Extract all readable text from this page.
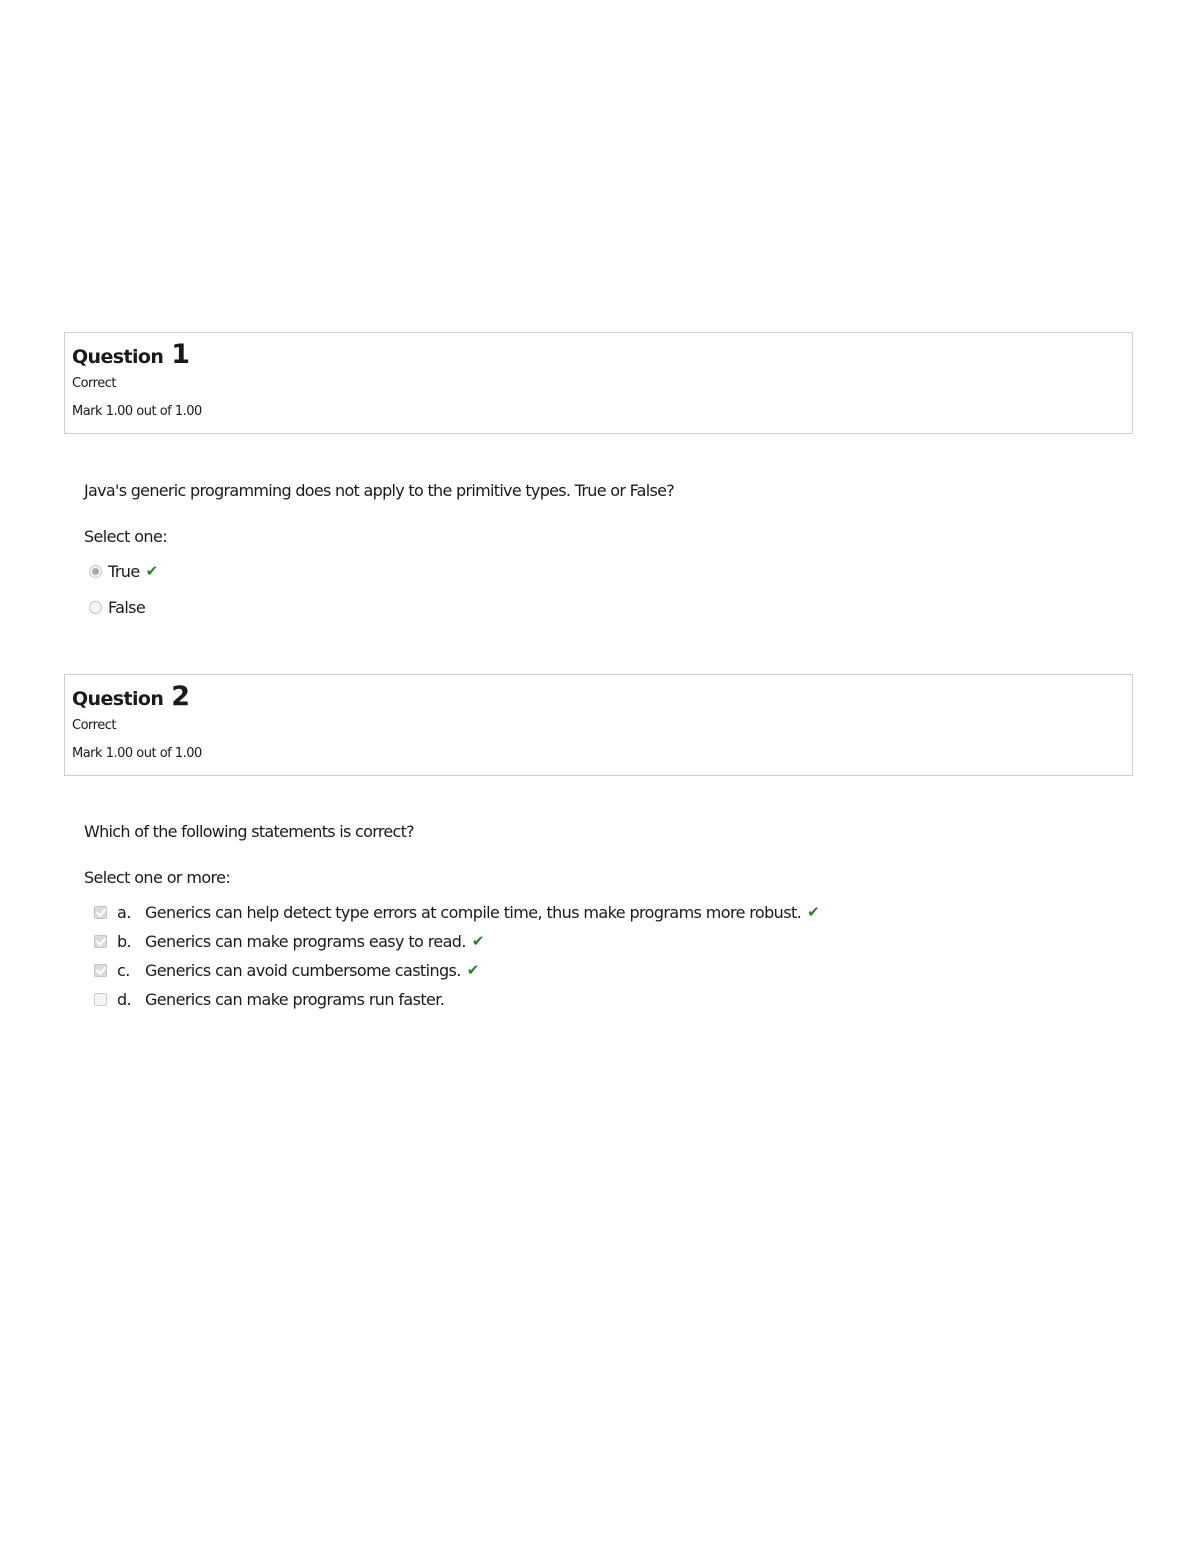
Question 1
Correct
Mark 1.00 out of 1.00
Java's generic programming does not apply to the primitive types. True or False?
Select one:
True ✔
False
Question 2
Correct
Mark 1.00 out of 1.00
Which of the following statements is correct?
Select one or more:
a. Generics can help detect type errors at compile time, thus make programs more robust. ✔
b. Generics can make programs easy to read. ✔
c. Generics can avoid cumbersome castings. ✔
d. Generics can make programs run faster.
